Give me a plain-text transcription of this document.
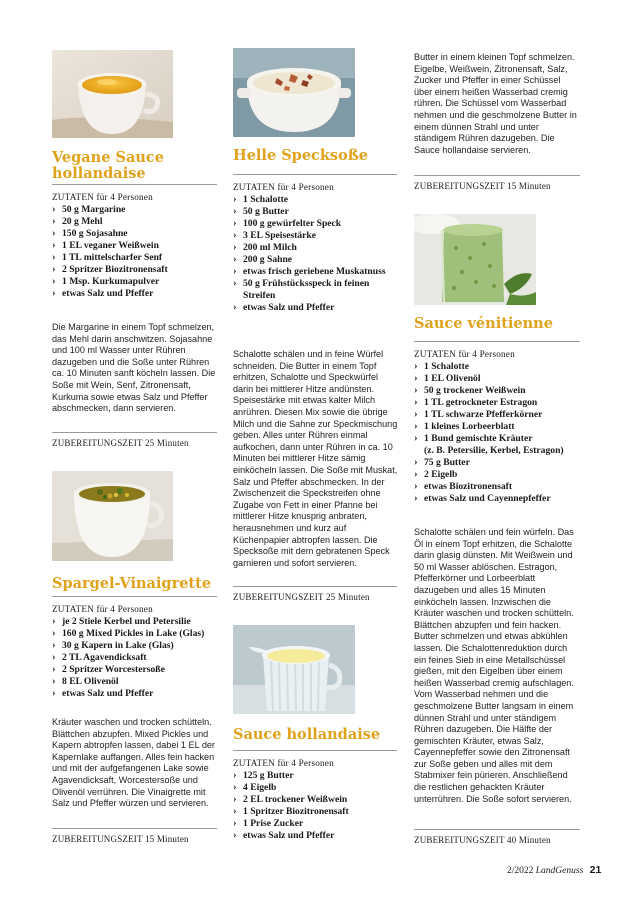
Vegane Sauce hollandaise
ZUTATEN für 4 Personen
› 50 g Margarine
› 20 g Mehl
› 150 g Sojasahne
› 1 EL veganer Weißwein
› 1 TL mittelscharfer Senf
› 2 Spritzer Biozitronensaft
› 1 Msp. Kurkumapulver
› etwas Salz und Pfeffer
Die Margarine in einem Topf schmelzen, das Mehl darin anschwitzen. Sojasahne und 100 ml Wasser unter Rühren dazugeben und die Soße unter Rühren ca. 10 Minuten sanft köcheln lassen. Die Soße mit Wein, Senf, Zitronensaft, Kurkuma sowie etwas Salz und Pfeffer abschmecken, dann servieren.
ZUBEREITUNGSZEIT 25 Minuten
Spargel-Vinaigrette
ZUTATEN für 4 Personen
› je 2 Stiele Kerbel und Petersilie
› 160 g Mixed Pickles in Lake (Glas)
› 30 g Kapern in Lake (Glas)
› 2 TL Agavendicksaft
› 2 Spritzer Worcestersoße
› 8 EL Olivenöl
› etwas Salz und Pfeffer
Kräuter waschen und trocken schütteln. Blättchen abzupfen. Mixed Pickles und Kapern abtropfen lassen, dabei 1 EL der Kapernlake auffangen. Alles fein hacken und mit der aufgefangenen Lake sowie Agavendicksaft, Worcestersoße und Olivenöl verrühren. Die Vinaigrette mit Salz und Pfeffer würzen und servieren.
ZUBEREITUNGSZEIT 15 Minuten
Helle Specksoße
ZUTATEN für 4 Personen
› 1 Schalotte
› 50 g Butter
› 100 g gewürfelter Speck
› 3 EL Speisestärke
› 200 ml Milch
› 200 g Sahne
› etwas frisch geriebene Muskatnuss
› 50 g Frühstücksspeck in feinen Streifen
› etwas Salz und Pfeffer
Schalotte schälen und in feine Würfel schneiden. Die Butter in einem Topf erhitzen, Schalotte und Speckwürfel darin bei mittlerer Hitze andünsten. Speisestärke mit etwas kalter Milch anrühren. Diesen Mix sowie die übrige Milch und die Sahne zur Speckmischung geben. Alles unter Rühren einmal aufkochen, dann unter Rühren in ca. 10 Minuten bei mittlerer Hitze sämig einköcheln lassen. Die Soße mit Muskat, Salz und Pfeffer abschmecken. In der Zwischenzeit die Speckstreifen ohne Zugabe von Fett in einer Pfanne bei mittlerer Hitze knusprig anbraten, herausnehmen und kurz auf Küchenpapier abtropfen lassen. Die Specksoße mit dem gebratenen Speck garnieren und sofort servieren.
ZUBEREITUNGSZEIT 25 Minuten
Sauce hollandaise
ZUTATEN für 4 Personen
› 125 g Butter
› 4 Eigelb
› 2 EL trockener Weißwein
› 1 Spritzer Biozitronensaft
› 1 Prise Zucker
› etwas Salz und Pfeffer
Butter in einem kleinen Topf schmelzen. Eigelbe, Weißwein, Zitronensaft, Salz, Zucker und Pfeffer in einer Schüssel über einem heißen Wasserbad cremig rühren. Die Schüssel vom Wasserbad nehmen und die geschmolzene Butter in einem dünnen Strahl und unter ständigem Rühren dazugeben. Die Sauce hollandaise servieren.
ZUBEREITUNGSZEIT 15 Minuten
Sauce vénitienne
ZUTATEN für 4 Personen
› 1 Schalotte
› 1 EL Olivenöl
› 50 g trockener Weißwein
› 1 TL getrockneter Estragon
› 1 TL schwarze Pfefferkörner
› 1 kleines Lorbeerblatt
› 1 Bund gemischte Kräuter
(z. B. Petersilie, Kerbel, Estragon)
› 75 g Butter
› 2 Eigelb
› etwas Biozitronensaft
› etwas Salz und Cayennepfeffer
Schalotte schälen und fein würfeln. Das Öl in einem Topf erhitzen, die Schalotte darin glasig dünsten. Mit Weißwein und 50 ml Wasser ablöschen. Estragon, Pfefferkörner und Lorbeerblatt dazugeben und alles 15 Minuten einköcheln lassen. Inzwischen die Kräuter waschen und trocken schütteln. Blättchen abzupfen und fein hacken. Butter schmelzen und etwas abkühlen lassen. Die Schalottenreduktion durch ein feines Sieb in eine Metallschüssel gießen, mit den Eigelben über einem heißen Wasserbad cremig aufschlagen. Vom Wasserbad nehmen und die geschmolzene Butter langsam in einem dünnen Strahl und unter ständigem Rühren dazugeben. Die Hälfte der gemischten Kräuter, etwas Salz, Cayennepfeffer sowie den Zitronensaft zur Soße geben und alles mit dem Stabmixer fein pürieren. Anschließend die restlichen gehackten Kräuter unterrühren. Die Soße sofort servieren.
ZUBEREITUNGSZEIT 40 Minuten
2/2022 LandGenuss 21
